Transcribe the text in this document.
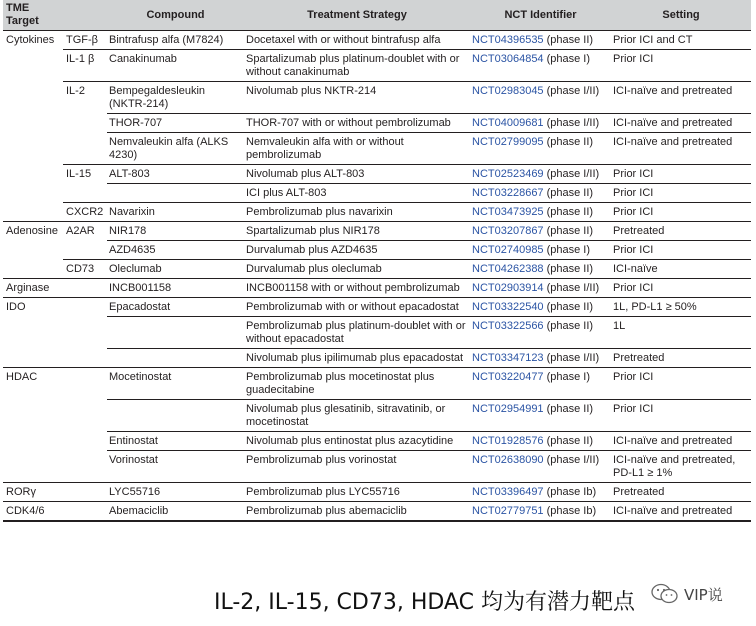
TME Target		Compound	Treatment Strategy	NCT Identifier	Setting
Cytokines	TGF-β	Bintrafusp alfa (M7824)	Docetaxel with or without bintrafusp alfa	NCT04396535 (phase II)	Prior ICI and CT
	IL-1 β	Canakinumab	Spartalizumab plus platinum-doublet with or without canakinumab	NCT03064854 (phase I)	Prior ICI
	IL-2	Bempegaldesleukin (NKTR-214)	Nivolumab plus NKTR-214	NCT02983045 (phase I/II)	ICI-naïve and pretreated
		THOR-707	THOR-707 with or without pembrolizumab	NCT04009681 (phase I/II)	ICI-naïve and pretreated
		Nemvaleukin alfa (ALKS 4230)	Nemvaleukin alfa with or without pembrolizumab	NCT02799095 (phase II)	ICI-naïve and pretreated
	IL-15	ALT-803	Nivolumab plus ALT-803	NCT02523469 (phase I/II)	Prior ICI
			ICI plus ALT-803	NCT03228667 (phase II)	Prior ICI
	CXCR2	Navarixin	Pembrolizumab plus navarixin	NCT03473925 (phase II)	Prior ICI
Adenosine	A2AR	NIR178	Spartalizumab plus NIR178	NCT03207867 (phase II)	Pretreated
		AZD4635	Durvalumab plus AZD4635	NCT02740985 (phase I)	Prior ICI
	CD73	Oleclumab	Durvalumab plus oleclumab	NCT04262388 (phase II)	ICI-naïve
Arginase		INCB001158	INCB001158 with or without pembrolizumab	NCT02903914 (phase I/II)	Prior ICI
IDO		Epacadostat	Pembrolizumab with or without epacadostat	NCT03322540 (phase II)	1L, PD-L1 ≥ 50%
			Pembrolizumab plus platinum-doublet with or without epacadostat	NCT03322566 (phase II)	1L
			Nivolumab plus ipilimumab plus epacadostat	NCT03347123 (phase I/II)	Pretreated
HDAC		Mocetinostat	Pembrolizumab plus mocetinostat plus guadecitabine	NCT03220477 (phase I)	Prior ICI
			Nivolumab plus glesatinib, sitravatinib, or mocetinostat	NCT02954991 (phase II)	Prior ICI
		Entinostat	Nivolumab plus entinostat plus azacytidine	NCT01928576 (phase II)	ICI-naïve and pretreated
		Vorinostat	Pembrolizumab plus vorinostat	NCT02638090 (phase I/II)	ICI-naïve and pretreated, PD-L1 ≥ 1%
RORγ		LYC55716	Pembrolizumab plus LYC55716	NCT03396497 (phase Ib)	Pretreated
CDK4/6		Abemaciclib	Pembrolizumab plus abemaciclib	NCT02779751 (phase Ib)	ICI-naïve and pretreated
IL-2, IL-15, CD73, HDAC 均为有潜力靶点	VIP说
